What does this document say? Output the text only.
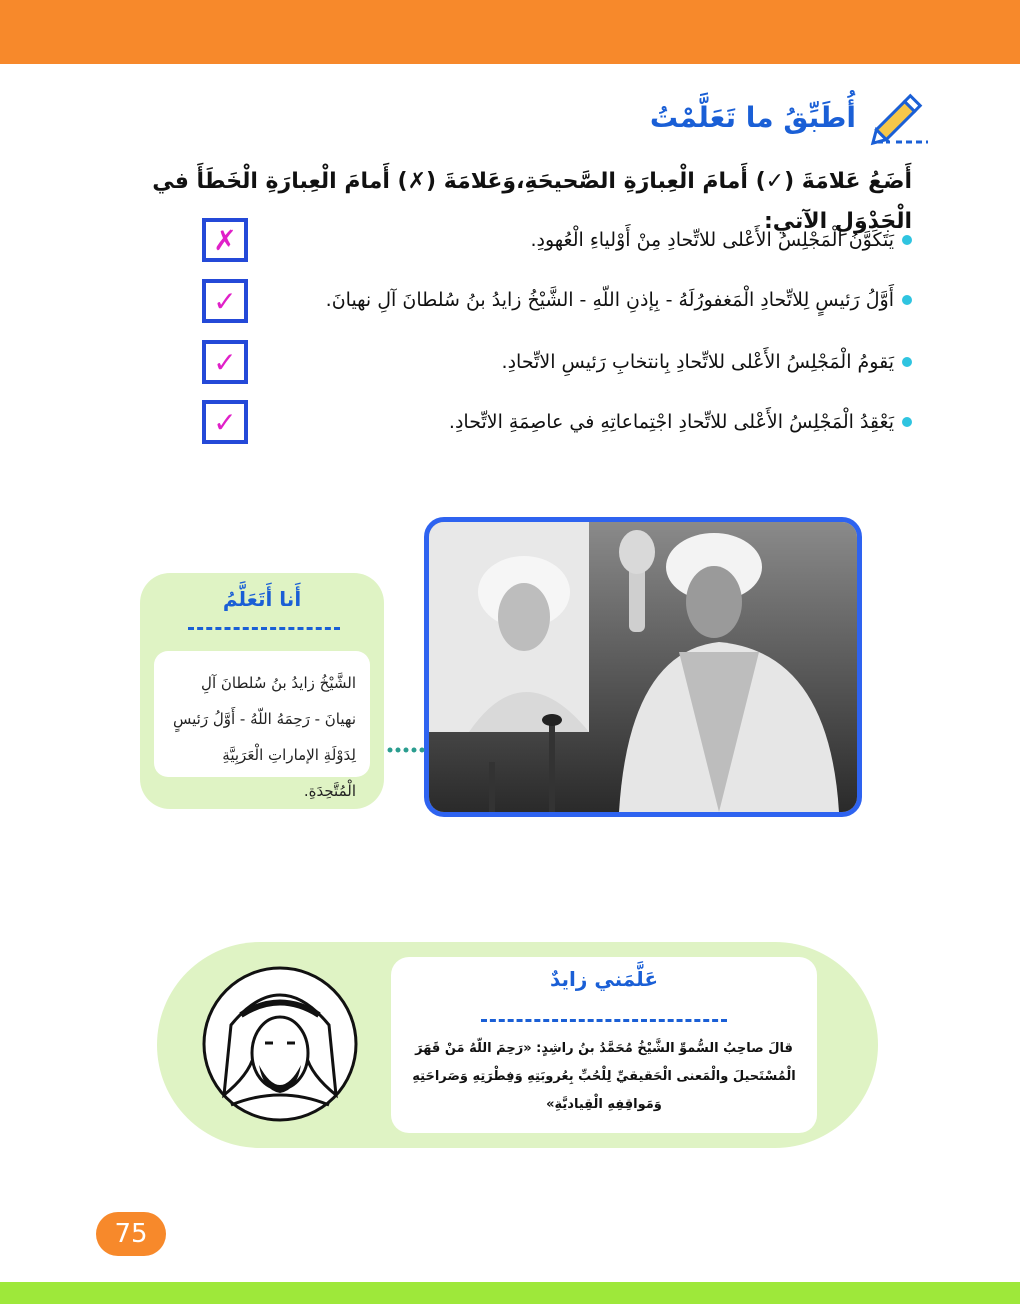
أُطَبِّقُ ما تَعَلَّمْتُ
أَضَعُ عَلامَةَ (✓) أَمامَ الْعِبارَةِ الصَّحيحَةِ،وَعَلامَةَ (✗) أَمامَ الْعِبارَةِ الْخَطَأَ في الْجَدْوَلِ الآتي:
يَتَكَوَّنُ الْمَجْلِسُ الأَعْلى للاتِّحادِ مِنْ أَوْلياءِ الْعُهودِ.
✗
أَوَّلُ رَئيسٍ لِلاتِّحادِ الْمَغفورُلَهُ - بِإذنِ اللّهِ - الشَّيْخُ زايدُ بنُ سُلطانَ آلِ نهيانَ.
✓
يَقومُ الْمَجْلِسُ الأَعْلى للاتِّحادِ بِانتخابِ رَئيسِ الاتِّحادِ.
✓
يَعْقِدُ الْمَجْلِسُ الأَعْلى للاتِّحادِ اجْتِماعاتِهِ في عاصِمَةِ الاتِّحادِ.
✓
أَنا أَتَعَلَّمُ
الشَّيْخُ زايدُ بنُ سُلطانَ آلِ نهيانَ - رَحِمَهُ اللّهُ - أَوَّلُ رَئيسٍ لِدَوْلَةِ الإماراتِ الْعَرَبِيَّةِ الْمُتَّحِدَةِ.
عَلَّمَني زايدٌ
قالَ صاحِبُ السُّموِّ الشَّيْخُ مُحَمَّدُ بنُ راشِدٍ: «رَحِمَ اللّهُ مَنْ قَهَرَ الْمُسْتَحيلَ والْمَعنى الْحَقيقيِّ لِلْحُبِّ بِعُروبَتِهِ وَفِطْرَتِهِ وَصَراحَتِهِ وَمَواقِفِهِ الْقِياديَّةِ»
75
